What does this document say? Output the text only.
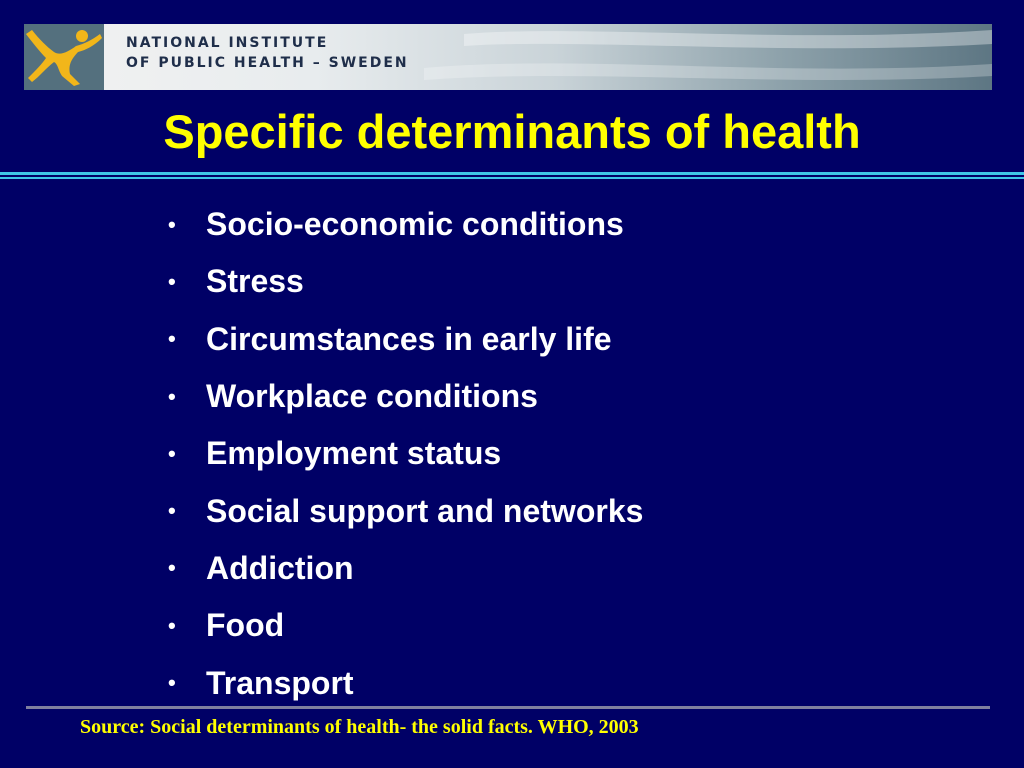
NATIONAL INSTITUTE
OF PUBLIC HEALTH – SWEDEN
Specific determinants of health
• Socio-economic conditions
• Stress
• Circumstances in early life
• Workplace conditions
• Employment status
• Social support and networks
• Addiction
• Food
• Transport
Source: Social determinants of health- the solid facts. WHO, 2003
